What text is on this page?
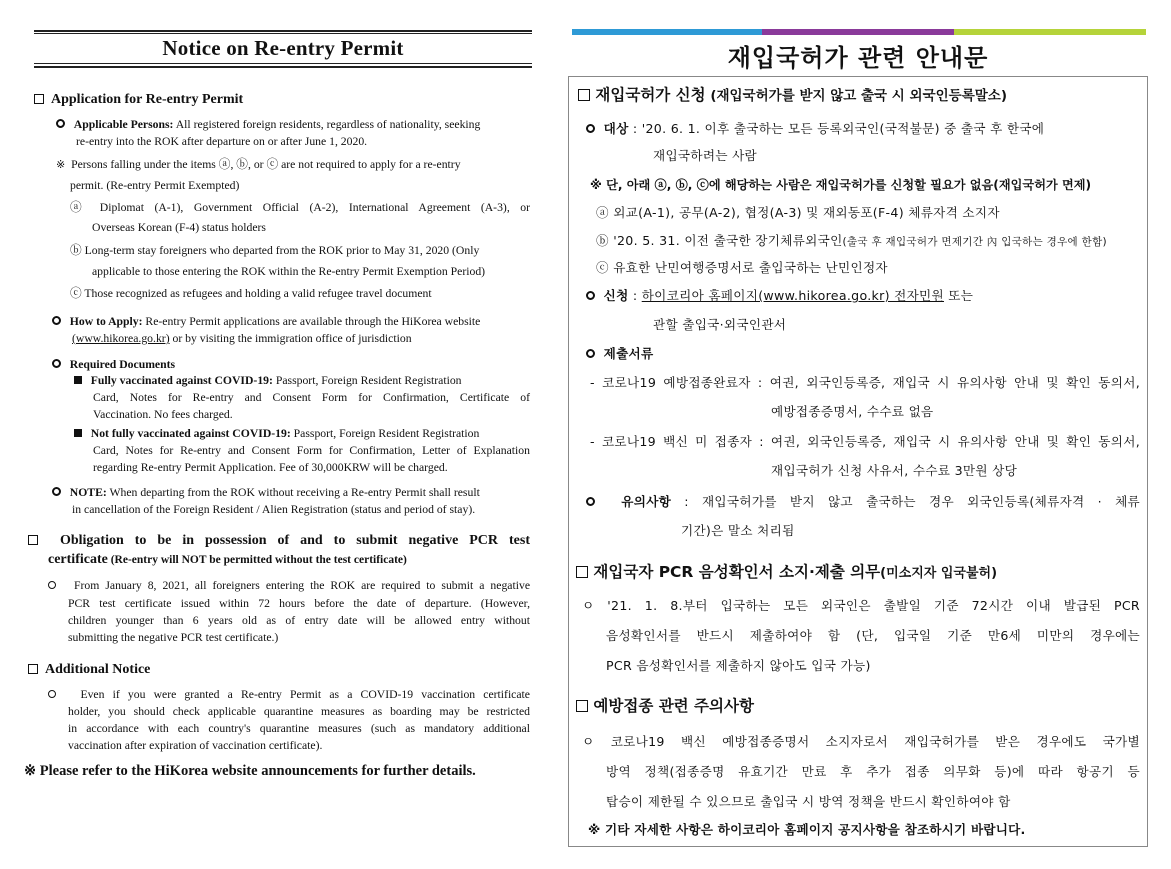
Notice on Re-entry Permit
Application for Re-entry Permit
Applicable Persons: All registered foreign residents, regardless of nationality, seeking
re-entry into the ROK after departure on or after June 1, 2020.
※ Persons falling under the items ⓐ, ⓑ, or ⓒ are not required to apply for a re-entry
permit. (Re-entry Permit Exempted)
ⓐ Diplomat (A-1), Government Official (A-2), International Agreement (A-3), or
Overseas Korean (F-4) status holders
ⓑ Long-term stay foreigners who departed from the ROK prior to May 31, 2020 (Only
applicable to those entering the ROK within the Re-entry Permit Exemption Period)
ⓒ Those recognized as refugees and holding a valid refugee travel document
How to Apply: Re-entry Permit applications are available through the HiKorea website
(www.hikorea.go.kr) or by visiting the immigration office of jurisdiction
Required Documents
Fully vaccinated against COVID-19: Passport, Foreign Resident Registration
Card, Notes for Re-entry and Consent Form for Confirmation, Certificate of
Vaccination. No fees charged.
Not fully vaccinated against COVID-19: Passport, Foreign Resident Registration
Card, Notes for Re-entry and Consent Form for Confirmation, Letter of Explanation
regarding Re-entry Permit Application. Fee of 30,000KRW will be charged.
NOTE: When departing from the ROK without receiving a Re-entry Permit shall result
in cancellation of the Foreign Resident / Alien Registration (status and period of stay).
Obligation to be in possession of and to submit negative PCR test
certificate (Re-entry will NOT be permitted without the test certificate)
From January 8, 2021, all foreigners entering the ROK are required to submit a negative
PCR test certificate issued within 72 hours before the date of departure. (However,
children younger than 6 years old as of entry date will be allowed entry without
submitting the negative PCR test certificate.)
Additional Notice
Even if you were granted a Re-entry Permit as a COVID-19 vaccination certificate
holder, you should check applicable quarantine measures as boarding may be restricted
in accordance with each country's quarantine measures (such as mandatory additional
vaccination after expiration of vaccination certificate).
※ Please refer to the HiKorea website announcements for further details.
재입국허가 관련 안내문
재입국허가 신청 (재입국허가를 받지 않고 출국 시 외국인등록말소)
대상 : '20. 6. 1. 이후 출국하는 모든 등록외국인(국적불문) 중 출국 후 한국에
재입국하려는 사람
※ 단, 아래 ⓐ, ⓑ, ⓒ에 해당하는 사람은 재입국허가를 신청할 필요가 없음(재입국허가 면제)
ⓐ 외교(A-1), 공무(A-2), 협정(A-3) 및 재외동포(F-4) 체류자격 소지자
ⓑ '20. 5. 31. 이전 출국한 장기체류외국인(출국 후 재입국허가 면제기간 內 입국하는 경우에 한함)
ⓒ 유효한 난민여행증명서로 출입국하는 난민인정자
신청 : 하이코리아 홈페이지(www.hikorea.go.kr) 전자민원 또는
관할 출입국·외국인관서
제출서류
- 코로나19 예방접종완료자 : 여권, 외국인등록증, 재입국 시 유의사항 안내 및 확인 동의서,
예방접종증명서, 수수료 없음
- 코로나19 백신 미 접종자 : 여권, 외국인등록증, 재입국 시 유의사항 안내 및 확인 동의서,
재입국허가 신청 사유서, 수수료 3만원 상당
유의사항 : 재입국허가를 받지 않고 출국하는 경우 외국인등록(체류자격 · 체류
기간)은 말소 처리됨
재입국자 PCR 음성확인서 소지·제출 의무(미소지자 입국불허)
ㅇ '21. 1. 8.부터 입국하는 모든 외국인은 출발일 기준 72시간 이내 발급된 PCR
음성확인서를 반드시 제출하여야 함 (단, 입국일 기준 만6세 미만의 경우에는
PCR 음성확인서를 제출하지 않아도 입국 가능)
예방접종 관련 주의사항
ㅇ 코로나19 백신 예방접종증명서 소지자로서 재입국허가를 받은 경우에도 국가별
방역 정책(접종증명 유효기간 만료 후 추가 접종 의무화 등)에 따라 항공기 등
탑승이 제한될 수 있으므로 출입국 시 방역 정책을 반드시 확인하여야 함
※ 기타 자세한 사항은 하이코리아 홈페이지 공지사항을 참조하시기 바랍니다.
